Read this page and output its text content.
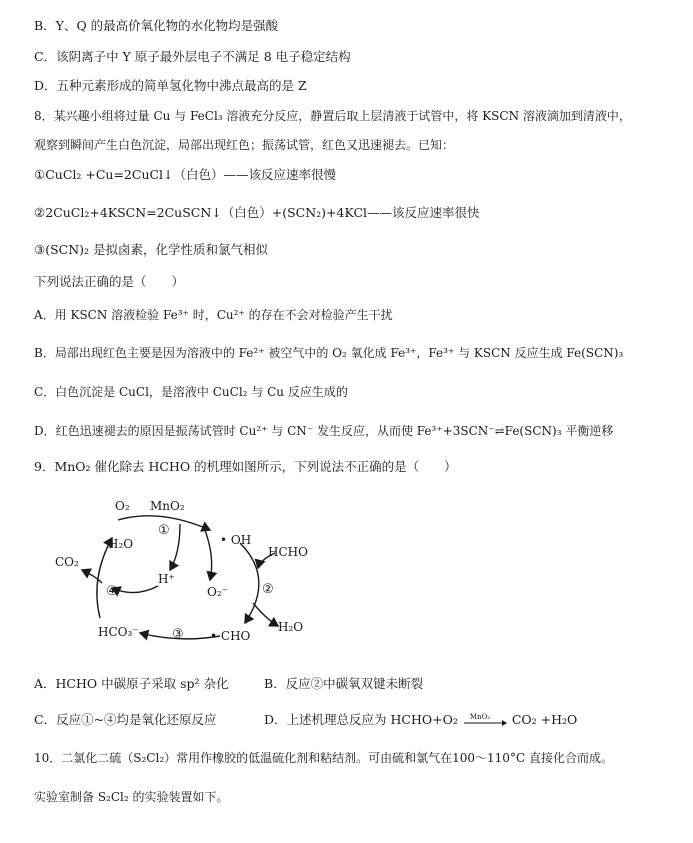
B．Y、Q 的最高价氧化物的水化物均是强酸
C．该阴离子中 Y 原子最外层电子不满足 8 电子稳定结构
D．五种元素形成的简单氢化物中沸点最高的是 Z
8．某兴趣小组将过量 Cu 与 FeCl₃ 溶液充分反应，静置后取上层清液于试管中，将 KSCN 溶液滴加到清液中，
观察到瞬间产生白色沉淀，局部出现红色；振荡试管，红色又迅速褪去。已知：
①CuCl₂ +Cu=2CuCl↓（白色）——该反应速率很慢
②2CuCl₂+4KSCN=2CuSCN↓（白色）+(SCN₂)+4KCl——该反应速率很快
③(SCN)₂ 是拟卤素，化学性质和氯气相似
下列说法正确的是（　　）
A．用 KSCN 溶液检验 Fe³⁺ 时，Cu²⁺ 的存在不会对检验产生干扰
B．局部出现红色主要是因为溶液中的 Fe²⁺ 被空气中的 O₂ 氧化成 Fe³⁺，Fe³⁺ 与 KSCN 反应生成 Fe(SCN)₃
C．白色沉淀是 CuCl，是溶液中 CuCl₂ 与 Cu 反应生成的
D．红色迅速褪去的原因是振荡试管时 Cu²⁺ 与 CN⁻ 发生反应，从而使 Fe³⁺+3SCN⁻⇌Fe(SCN)₃ 平衡逆移
9．MnO₂ 催化除去 HCHO 的机理如图所示，下列说法不正确的是（　　）
O₂ MnO₂
①
H₂O	• OH
HCHO
CO₂
H⁺
④	O₂⁻	②
HCO₃⁻	③ • CHO
H₂O
A．HCHO 中碳原子采取 sp² 杂化	B．反应②中碳氧双键未断裂
C．反应①~④均是氧化还原反应	D．上述机理总反应为 HCHO+O₂ MnO₂ CO₂ +H₂O
10．二氯化二硫（S₂Cl₂）常用作橡胶的低温硫化剂和粘结剂。可由硫和氯气在100～110°C 直接化合而成。
实验室制备 S₂Cl₂ 的实验装置如下。
